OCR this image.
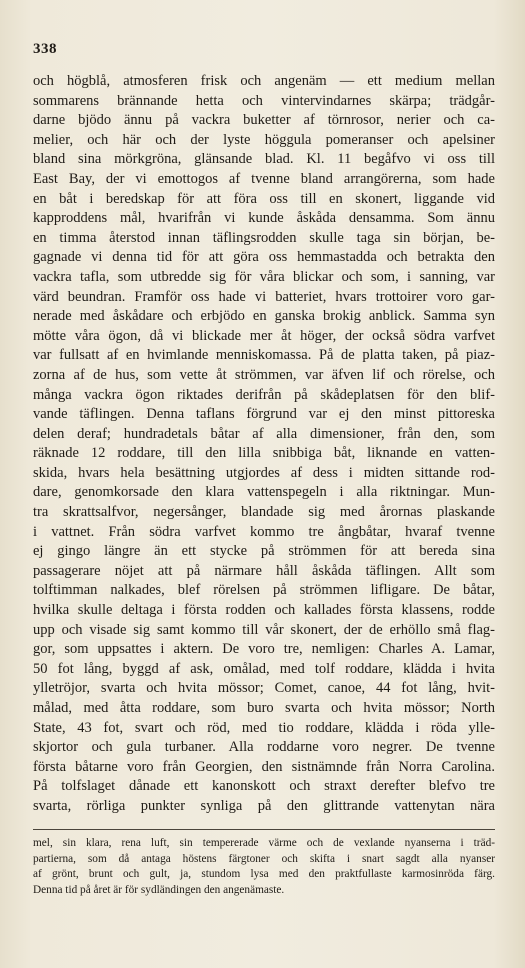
338
och högblå, atmosferen frisk och angenäm — ett medium mellan
sommarens brännande hetta och vintervindarnes skärpa; trädgår-
darne bjödo ännu på vackra buketter af törnrosor, nerier och ca-
melier, och här och der lyste höggula pomeranser och apelsiner
bland sina mörkgröna, glänsande blad. Kl. 11 begåfvo vi oss till
East Bay, der vi emottogos af tvenne bland arrangörerna, som hade
en båt i beredskap för att föra oss till en skonert, liggande vid
kapproddens mål, hvarifrån vi kunde åskåda densamma. Som ännu
en timma återstod innan täflingsrodden skulle taga sin början, be-
gagnade vi denna tid för att göra oss hemmastadda och betrakta den
vackra tafla, som utbredde sig för våra blickar och som, i sanning, var
värd beundran. Framför oss hade vi batteriet, hvars trottoirer voro gar-
nerade med åskådare och erbjödo en ganska brokig anblick. Samma syn
mötte våra ögon, då vi blickade mer åt höger, der också södra varfvet
var fullsatt af en hvimlande menniskomassa. På de platta taken, på piaz-
zorna af de hus, som vette åt strömmen, var äfven lif och rörelse, och
många vackra ögon riktades derifrån på skådeplatsen för den blif-
vande täflingen. Denna taflans förgrund var ej den minst pittoreska
delen deraf; hundradetals båtar af alla dimensioner, från den, som
räknade 12 roddare, till den lilla snibbiga båt, liknande en vatten-
skida, hvars hela besättning utgjordes af dess i midten sittande rod-
dare, genomkorsade den klara vattenspegeln i alla riktningar. Mun-
tra skrattsalfvor, negersånger, blandade sig med årornas plaskande
i vattnet. Från södra varfvet kommo tre ångbåtar, hvaraf tvenne
ej gingo längre än ett stycke på strömmen för att bereda sina
passagerare nöjet att på närmare håll åskåda täflingen. Allt som
tolftimman nalkades, blef rörelsen på strömmen lifligare. De båtar,
hvilka skulle deltaga i första rodden och kallades första klassens, rodde
upp och visade sig samt kommo till vår skonert, der de erhöllo små flag-
gor, som uppsattes i aktern. De voro tre, nemligen: Charles A. Lamar,
50 fot lång, byggd af ask, omålad, med tolf roddare, klädda i hvita
ylletröjor, svarta och hvita mössor; Comet, canoe, 44 fot lång, hvit-
målad, med åtta roddare, som buro svarta och hvita mössor; North
State, 43 fot, svart och röd, med tio roddare, klädda i röda ylle-
skjortor och gula turbaner. Alla roddarne voro negrer. De tvenne
första båtarne voro från Georgien, den sistnämnde från Norra Carolina.
På tolfslaget dånade ett kanonskott och straxt derefter blefvo tre
svarta, rörliga punkter synliga på den glittrande vattenytan nära
mel, sin klara, rena luft, sin tempererade värme och de vexlande nyanserna i träd-
partierna, som då antaga höstens färgtoner och skifta i snart sagdt alla nyanser
af grönt, brunt och gult, ja, stundom lysa med den praktfullaste karmosinröda färg.
Denna tid på året är för sydländingen den angenämaste.
